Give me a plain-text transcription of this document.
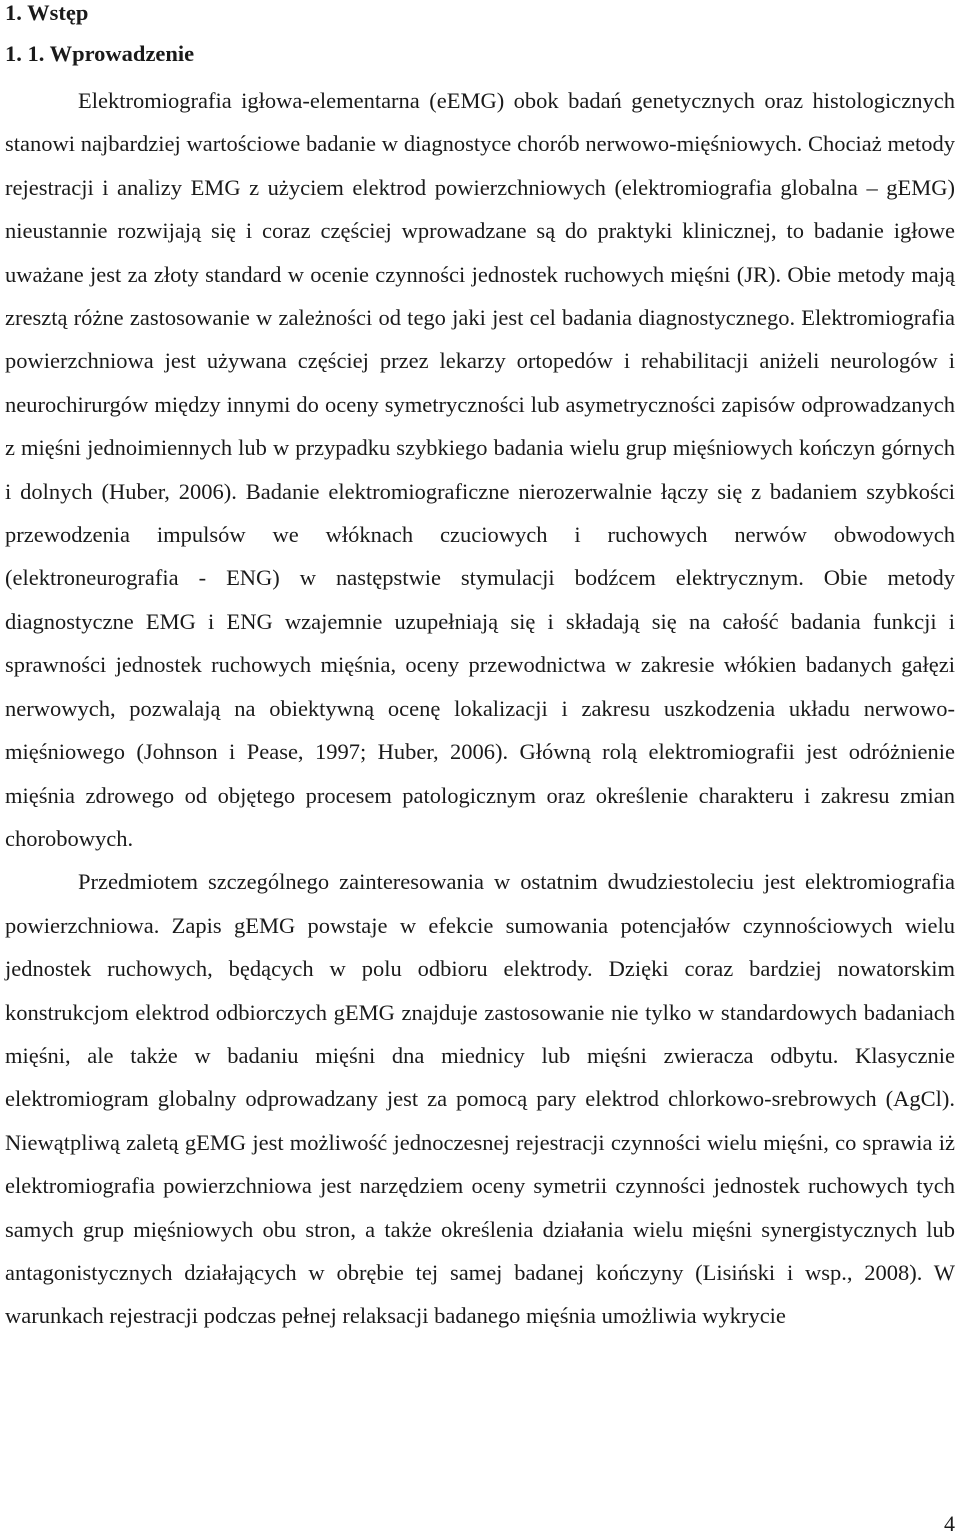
1. Wstęp
1. 1. Wprowadzenie

Elektromiografia igłowa-elementarna (eEMG) obok badań genetycznych oraz histologicznych stanowi najbardziej wartościowe badanie w diagnostyce chorób nerwowo-mięśniowych. Chociaż metody rejestracji i analizy EMG z użyciem elektrod powierzchniowych (elektromiografia globalna – gEMG) nieustannie rozwijają się i coraz częściej wprowadzane są do praktyki klinicznej, to badanie igłowe uważane jest za złoty standard w ocenie czynności jednostek ruchowych mięśni (JR). Obie metody mają zresztą różne zastosowanie w zależności od tego jaki jest cel badania diagnostycznego. Elektromiografia powierzchniowa jest używana częściej przez lekarzy ortopedów i rehabilitacji aniżeli neurologów i neurochirurgów między innymi do oceny symetryczności lub asymetryczności zapisów odprowadzanych z mięśni jednoimiennych lub w przypadku szybkiego badania wielu grup mięśniowych kończyn górnych i dolnych (Huber, 2006). Badanie elektromiograficzne nierozerwalnie łączy się z badaniem szybkości przewodzenia impulsów we włóknach czuciowych i ruchowych nerwów obwodowych (elektroneurografia - ENG) w następstwie stymulacji bodźcem elektrycznym. Obie metody diagnostyczne EMG i ENG wzajemnie uzupełniają się i składają się na całość badania funkcji i sprawności jednostek ruchowych mięśnia, oceny przewodnictwa w zakresie włókien badanych gałęzi nerwowych, pozwalają na obiektywną ocenę lokalizacji i zakresu uszkodzenia układu nerwowo-mięśniowego (Johnson i Pease, 1997; Huber, 2006). Główną rolą elektromiografii jest odróżnienie mięśnia zdrowego od objętego procesem patologicznym oraz określenie charakteru i zakresu zmian chorobowych.

Przedmiotem szczególnego zainteresowania w ostatnim dwudziestoleciu jest elektromiografia powierzchniowa. Zapis gEMG powstaje w efekcie sumowania potencjałów czynnościowych wielu jednostek ruchowych, będących w polu odbioru elektrody. Dzięki coraz bardziej nowatorskim konstrukcjom elektrod odbiorczych gEMG znajduje zastosowanie nie tylko w standardowych badaniach mięśni, ale także w badaniu mięśni dna miednicy lub mięśni zwieracza odbytu. Klasycznie elektromiogram globalny odprowadzany jest za pomocą pary elektrod chlorkowo-srebrowych (AgCl). Niewątpliwą zaletą gEMG jest możliwość jednoczesnej rejestracji czynności wielu mięśni, co sprawia iż elektromiografia powierzchniowa jest narzędziem oceny symetrii czynności jednostek ruchowych tych samych grup mięśniowych obu stron, a także określenia działania wielu mięśni synergistycznych lub antagonistycznych działających w obrębie tej samej badanej kończyny (Lisiński i wsp., 2008). W warunkach rejestracji podczas pełnej relaksacji badanego mięśnia umożliwia wykrycie

4
